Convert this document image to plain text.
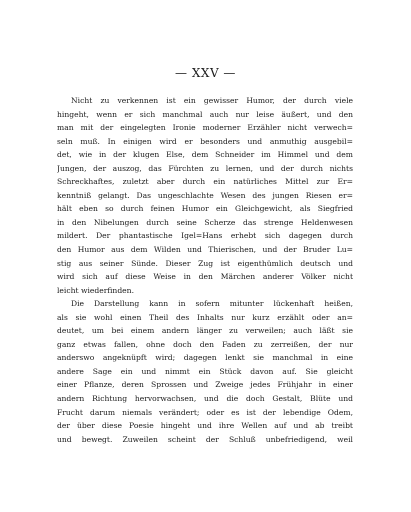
— XXV —
Nicht zu verkennen ist ein gewisser Humor, der durch viele
hingeht, wenn er sich manchmal auch nur leise äußert, und den
man mit der eingelegten Ironie moderner Erzähler nicht verwech=
seln muß. In einigen wird er besonders und anmuthig ausgebil=
det, wie in der klugen Else, dem Schneider im Himmel und dem
Jungen, der auszog, das Fürchten zu lernen, und der durch nichts
Schreckhaftes, zuletzt aber durch ein natürliches Mittel zur Er=
kenntniß gelangt. Das ungeschlachte Wesen des jungen Riesen er=
hält eben so durch feinen Humor ein Gleichgewicht, als Siegfried
in den Nibelungen durch seine Scherze das strenge Heldenwesen
mildert. Der phantastische Igel=Hans erhebt sich dagegen durch
den Humor aus dem Wilden und Thierischen, und der Bruder Lu=
stig aus seiner Sünde. Dieser Zug ist eigenthümlich deutsch und
wird sich auf diese Weise in den Märchen anderer Völker nicht
leicht wiederfinden.
Die Darstellung kann in sofern mitunter lückenhaft heißen,
als sie wohl einen Theil des Inhalts nur kurz erzählt oder an=
deutet, um bei einem andern länger zu verweilen; auch läßt sie
ganz etwas fallen, ohne doch den Faden zu zerreißen, der nur
anderswo angeknüpft wird; dagegen lenkt sie manchmal in eine
andere Sage ein und nimmt ein Stück davon auf. Sie gleicht
einer Pflanze, deren Sprossen und Zweige jedes Frühjahr in einer
andern Richtung hervorwachsen, und die doch Gestalt, Blüte und
Frucht darum niemals verändert; oder es ist der lebendige Odem,
der über diese Poesie hingeht und ihre Wellen auf und ab treibt
und bewegt. Zuweilen scheint der Schluß unbefriedigend, weil
